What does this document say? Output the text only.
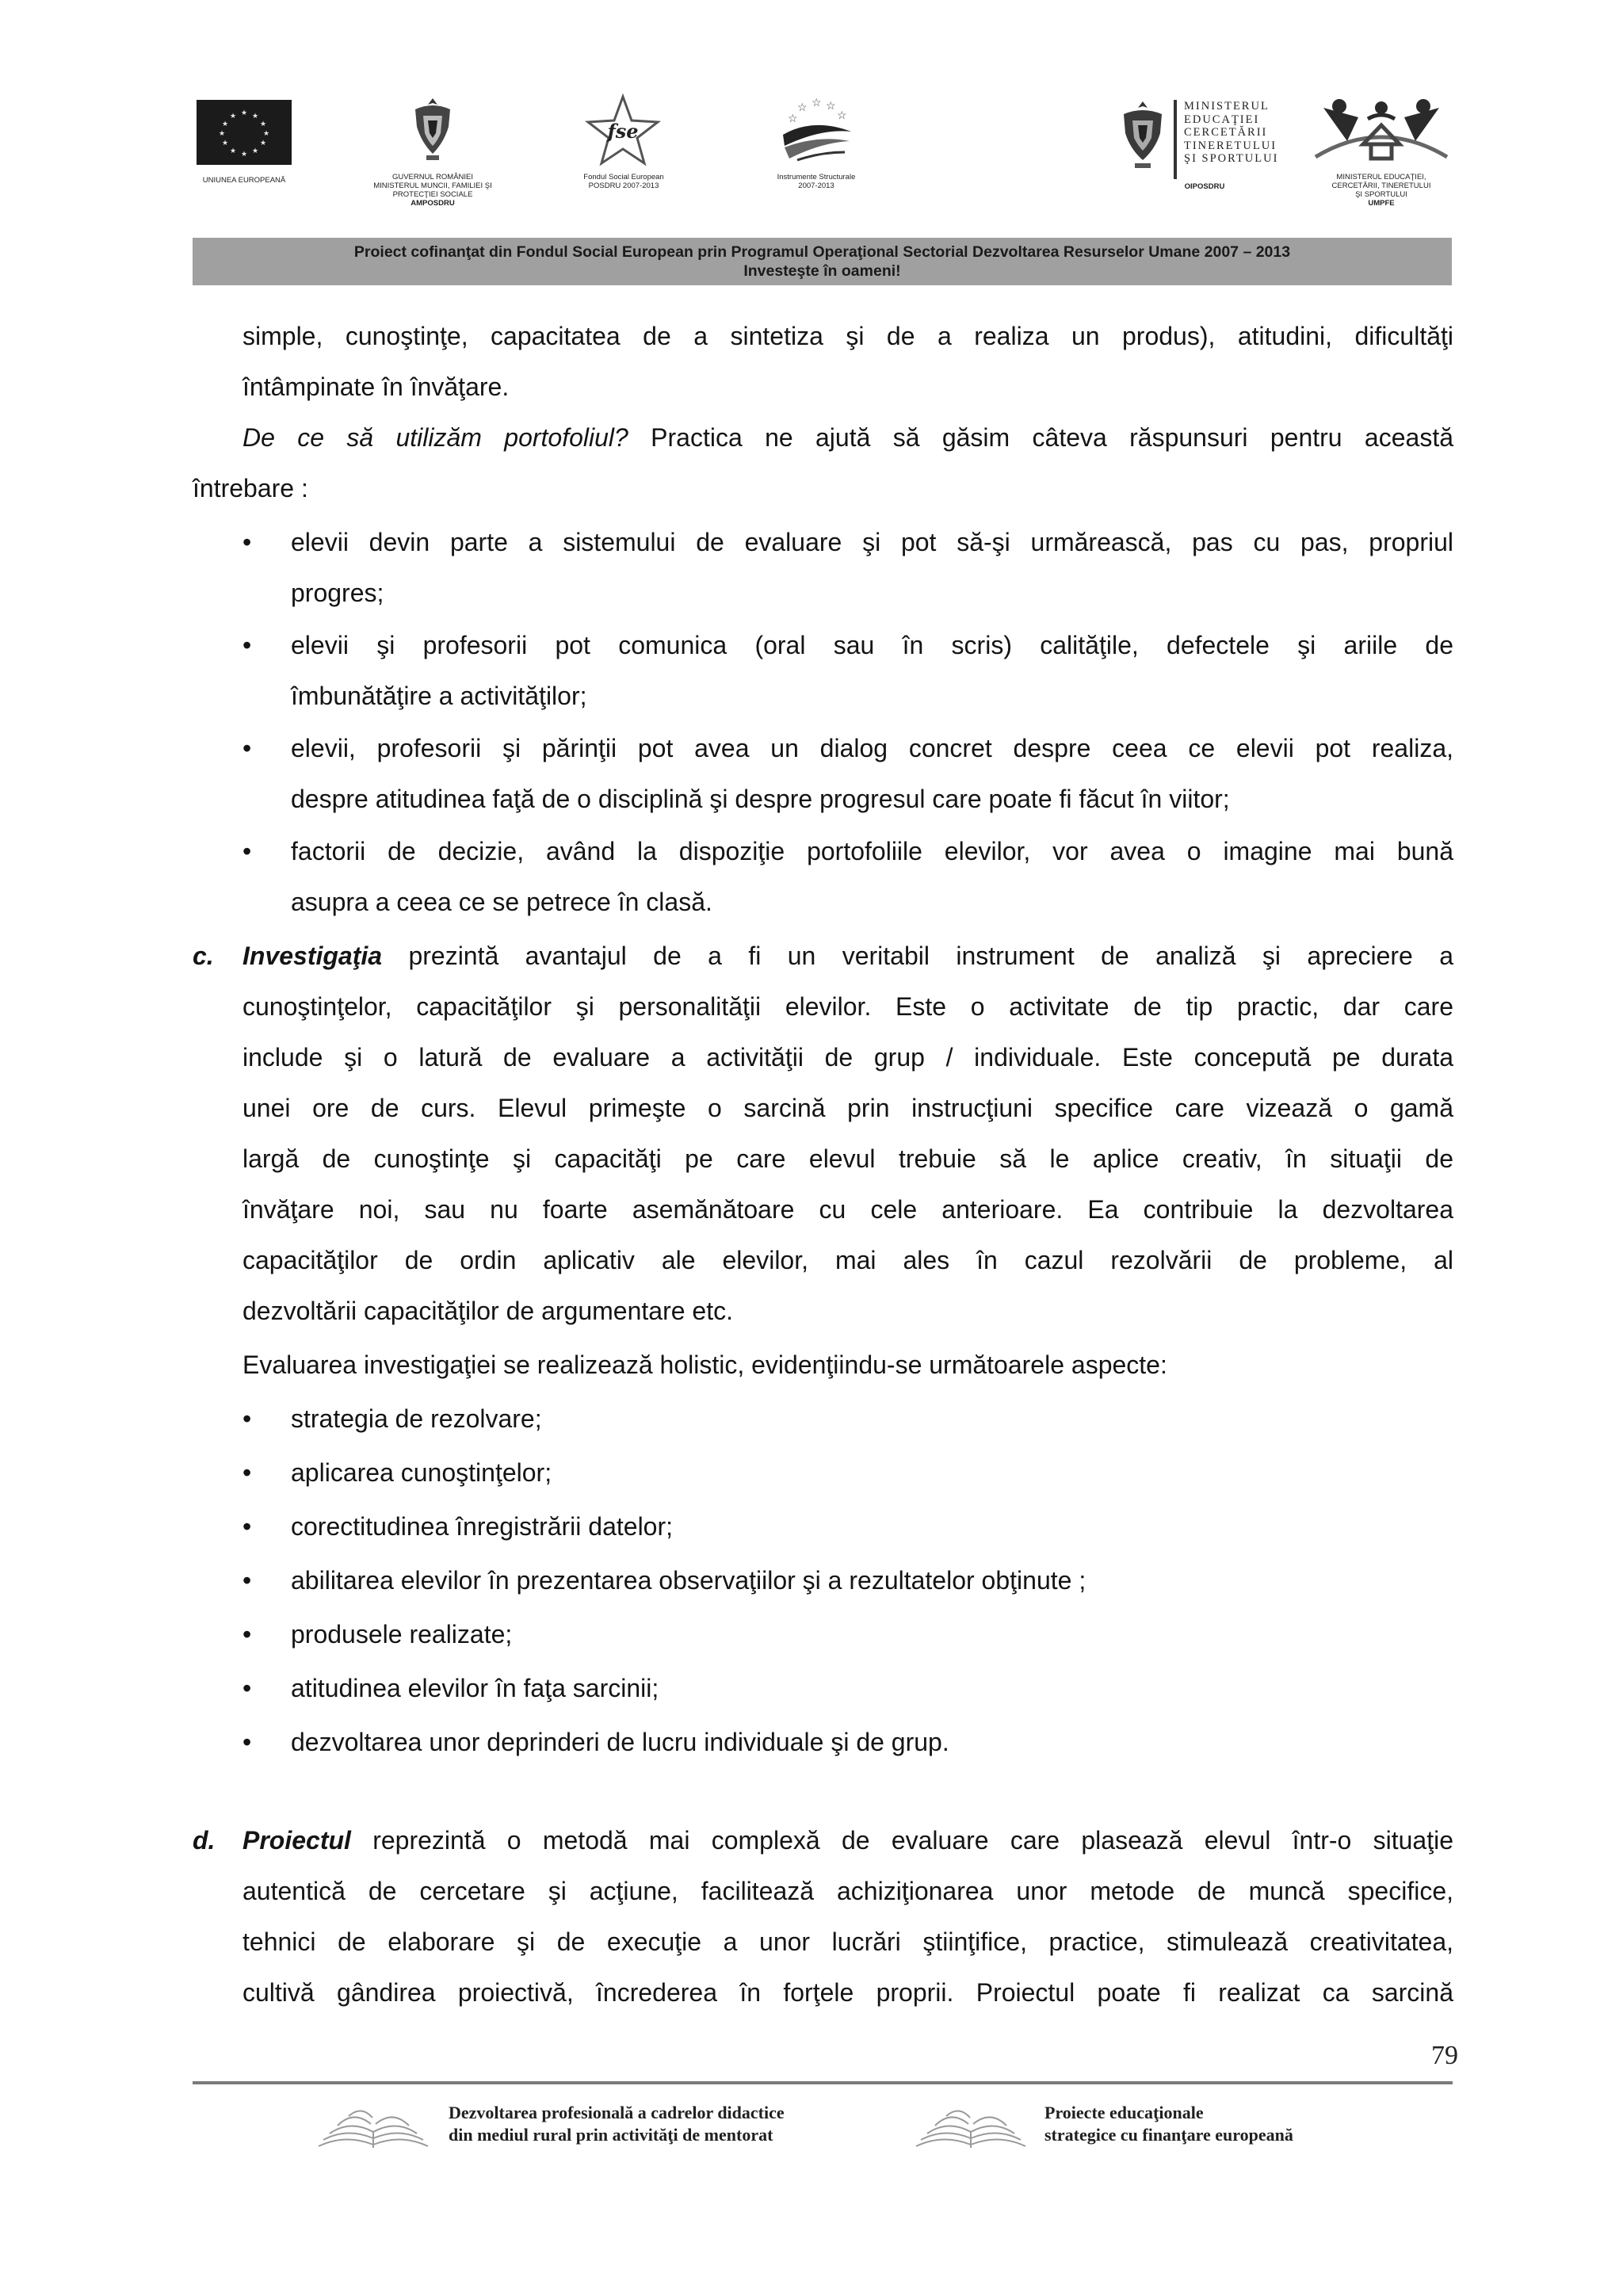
★ ★
★
★
★
★
★
★
★
★
★
★
UNIUNEA EUROPEANĂ	GUVERNUL ROMÂNIEI
MINISTERUL MUNCII, FAMILIEI ŞI
PROTECŢIEI SOCIALE
AMPOSDRU
fse
Fondul Social European
POSDRU 2007-2013
☆ ☆ ☆
☆
☆
Instrumente Structurale
2007-2013
MINISTERUL
EDUCAŢIEI
CERCETĂRII
TINERETULUI
ŞI SPORTULUI
OIPOSDRU
MINISTERUL EDUCAŢIEI,
CERCETĂRII, TINERETULUI
ŞI SPORTULUI
UMPFE
Proiect cofinanţat din Fondul Social European prin Programul Operaţional Sectorial Dezvoltarea Resurselor Umane 2007 – 2013
Investeşte în oameni!
simple, cunoştinţe, capacitatea de a sintetiza şi de a realiza un produs), atitudini, dificultăţi
întâmpinate în învăţare.
De ce să utilizăm portofoliul? Practica ne ajută să găsim câteva răspunsuri pentru această
întrebare :
• elevii devin parte a sistemului de evaluare şi pot să-şi urmărească, pas cu pas, propriul
progres;
• elevii şi profesorii pot comunica (oral sau în scris) calităţile, defectele şi ariile de
îmbunătăţire a activităţilor;
• elevii, profesorii şi părinţii pot avea un dialog concret despre ceea ce elevii pot realiza,
despre atitudinea faţă de o disciplină şi despre progresul care poate fi făcut în viitor;
• factorii de decizie, având la dispoziţie portofoliile elevilor, vor avea o imagine mai bună
asupra a ceea ce se petrece în clasă.
c. Investigaţia prezintă avantajul de a fi un veritabil instrument de analiză şi apreciere a
cunoştinţelor, capacităţilor şi personalităţii elevilor. Este o activitate de tip practic, dar care
include şi o latură de evaluare a activităţii de grup / individuale. Este concepută pe durata
unei ore de curs. Elevul primeşte o sarcină prin instrucţiuni specifice care vizează o gamă
largă de cunoştinţe şi capacităţi pe care elevul trebuie să le aplice creativ, în situaţii de
învăţare noi, sau nu foarte asemănătoare cu cele anterioare. Ea contribuie la dezvoltarea
capacităţilor de ordin aplicativ ale elevilor, mai ales în cazul rezolvării de probleme, al
dezvoltării capacităţilor de argumentare etc.
Evaluarea investigaţiei se realizează holistic, evidenţiindu-se următoarele aspecte:
• strategia de rezolvare;
• aplicarea cunoştinţelor;
• corectitudinea înregistrării datelor;
• abilitarea elevilor în prezentarea observaţiilor şi a rezultatelor obţinute ;
• produsele realizate;
• atitudinea elevilor în faţa sarcinii;
• dezvoltarea unor deprinderi de lucru individuale şi de grup.
d. Proiectul reprezintă o metodă mai complexă de evaluare care plasează elevul într-o situaţie
autentică de cercetare şi acţiune, facilitează achiziţionarea unor metode de muncă specifice,
tehnici de elaborare şi de execuţie a unor lucrări ştiinţifice, practice, stimulează creativitatea,
cultivă gândirea proiectivă, încrederea în forţele proprii. Proiectul poate fi realizat ca sarcină
79
Dezvoltarea profesională a cadrelor didactice
din mediul rural prin activităţi de mentorat
Proiecte educaţionale
strategice cu finanţare europeană
